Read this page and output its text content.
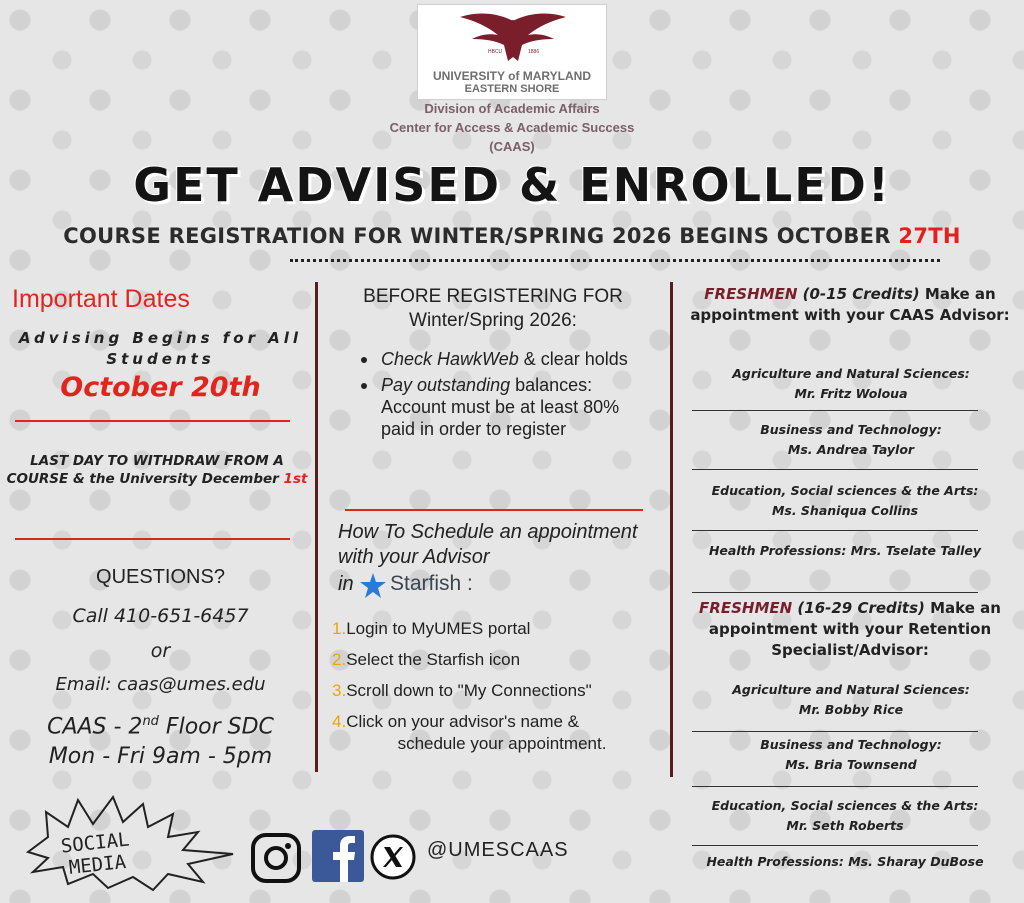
HBCU	1886
UNIVERSITY of MARYLAND
EASTERN SHORE
Division of Academic Affairs
Center for Access & Academic Success
(CAAS)
GET ADVISED & ENROLLED!
COURSE REGISTRATION FOR WINTER/SPRING 2026 BEGINS OCTOBER 27TH
Important Dates
Advising Begins for All Students
October 20th
LAST DAY TO WITHDRAW FROM A COURSE & the University December 1st
QUESTIONS?
Call 410-651-6457
or
Email: caas@umes.edu
CAAS - 2nd Floor SDC
Mon - Fri 9am - 5pm
BEFORE REGISTERING FOR Winter/Spring 2026:
Check HawkWeb & clear holds
Pay outstanding balances: Account must be at least 80% paid in order to register
How To Schedule an appointment with your Advisor
in Starfish :
1.Login to MyUMES portal
2.Select the Starfish icon
3.Scroll down to "My Connections"
4.Click on your advisor's name &
schedule your appointment.
FRESHMEN (0-15 Credits) Make an appointment with your CAAS Advisor:
Agriculture and Natural Sciences:
Mr. Fritz Woloua
Business and Technology:
Ms. Andrea Taylor
Education, Social sciences & the Arts: Ms. Shaniqua Collins
Health Professions: Mrs. Tselate Talley
FRESHMEN (16-29 Credits) Make an appointment with your Retention Specialist/Advisor:
Agriculture and Natural Sciences:
Mr. Bobby Rice
Business and Technology:
Ms. Bria Townsend
Education, Social sciences & the Arts: Mr. Seth Roberts
Health Professions: Ms. Sharay DuBose
SOCIAL
MEDIA
@UMESCAAS
